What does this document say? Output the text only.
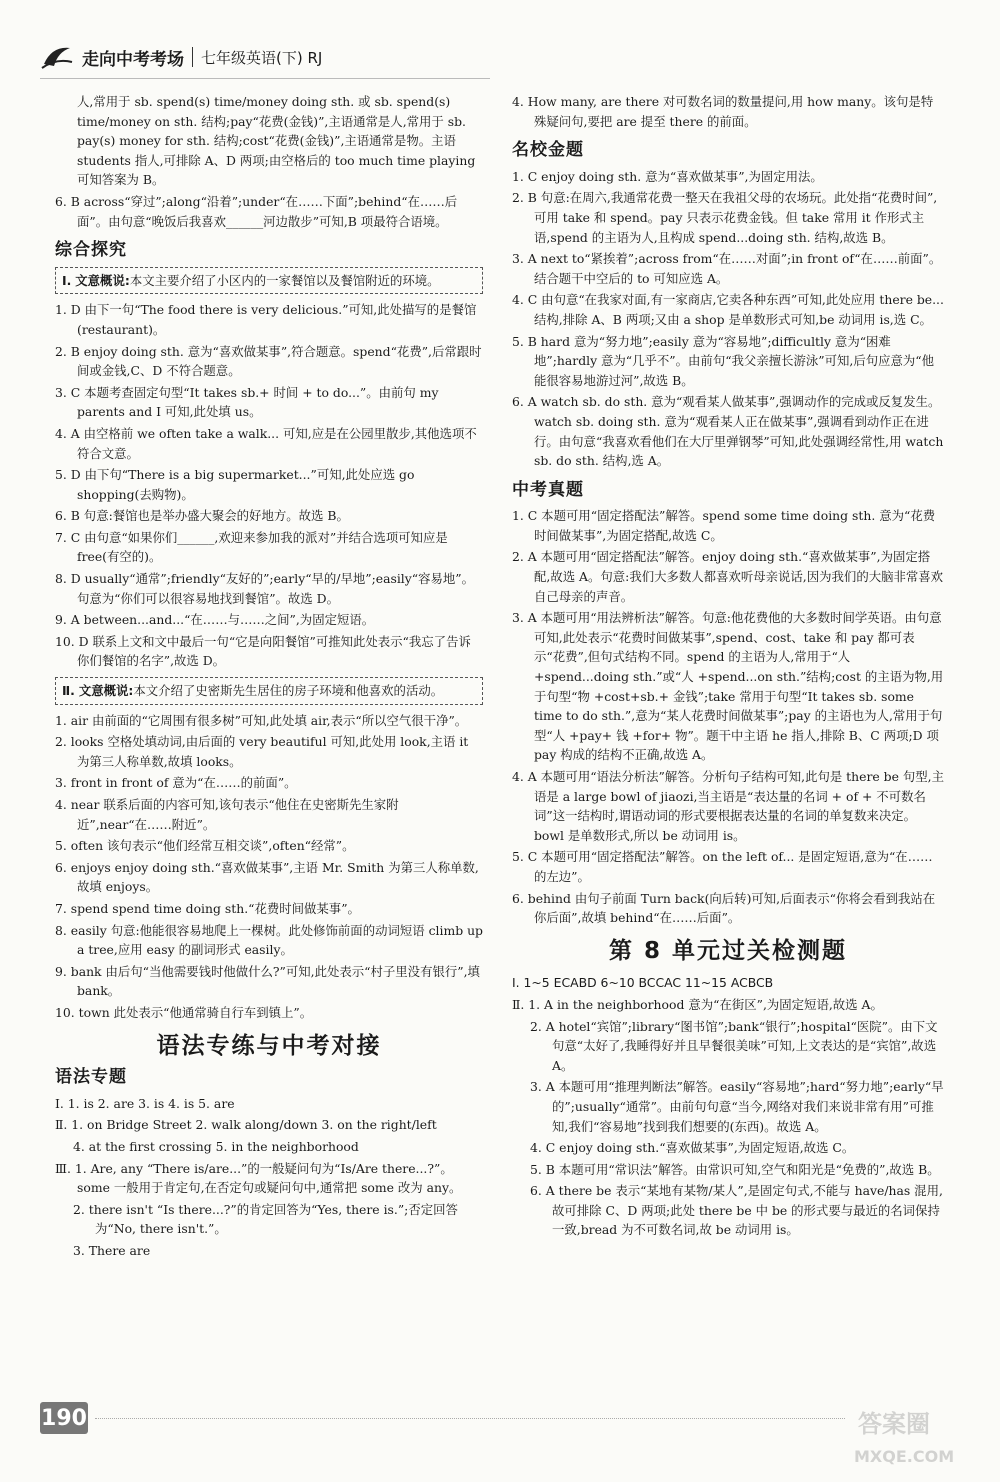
走向中考考场 七年级英语(下) RJ
人,常用于 sb. spend(s) time/money doing sth. 或 sb. spend(s) time/money on sth. 结构;pay“花费(金钱)”,主语通常是人,常用于 sb. pay(s) money for sth. 结构;cost“花费(金钱)”,主语通常是物。主语 students 指人,可排除 A、D 两项;由空格后的 too much time playing 可知答案为 B。
6. B across“穿过”;along“沿着”;under“在……下面”;behind“在……后面”。由句意“晚饭后我喜欢______河边散步”可知,B 项最符合语境。
综合探究
Ⅰ. 文意概说:本文主要介绍了小区内的一家餐馆以及餐馆附近的环境。
1. D 由下一句“The food there is very delicious.”可知,此处描写的是餐馆(restaurant)。
2. B enjoy doing sth. 意为“喜欢做某事”,符合题意。spend“花费”,后常跟时间或金钱,C、D 不符合题意。
3. C 本题考查固定句型“It takes sb.+ 时间 + to do...”。由前句 my parents and I 可知,此处填 us。
4. A 由空格前 we often take a walk... 可知,应是在公园里散步,其他选项不符合文意。
5. D 由下句“There is a big supermarket...”可知,此处应选 go shopping(去购物)。
6. B 句意:餐馆也是举办盛大聚会的好地方。故选 B。
7. C 由句意“如果你们______,欢迎来参加我的派对”并结合选项可知应是 free(有空的)。
8. D usually“通常”;friendly“友好的”;early“早的/早地”;easily“容易地”。句意为“你们可以很容易地找到餐馆”。故选 D。
9. A between...and...“在……与……之间”,为固定短语。
10. D 联系上文和文中最后一句“它是向阳餐馆”可推知此处表示“我忘了告诉你们餐馆的名字”,故选 D。
Ⅱ. 文意概说:本文介绍了史密斯先生居住的房子环境和他喜欢的活动。
1. air 由前面的“它周围有很多树”可知,此处填 air,表示“所以空气很干净”。
2. looks 空格处填动词,由后面的 very beautiful 可知,此处用 look,主语 it 为第三人称单数,故填 looks。
3. front in front of 意为“在……的前面”。
4. near 联系后面的内容可知,该句表示“他住在史密斯先生家附近”,near“在……附近”。
5. often 该句表示“他们经常互相交谈”,often“经常”。
6. enjoys enjoy doing sth.“喜欢做某事”,主语 Mr. Smith 为第三人称单数,故填 enjoys。
7. spend spend time doing sth.“花费时间做某事”。
8. easily 句意:他能很容易地爬上一棵树。此处修饰前面的动词短语 climb up a tree,应用 easy 的副词形式 easily。
9. bank 由后句“当他需要钱时他做什么?”可知,此处表示“村子里没有银行”,填 bank。
10. town 此处表示“他通常骑自行车到镇上”。
语法专练与中考对接
语法专题
Ⅰ. 1. is 2. are 3. is 4. is 5. are
Ⅱ. 1. on Bridge Street 2. walk along/down 3. on the right/left
4. at the first crossing 5. in the neighborhood
Ⅲ. 1. Are, any “There is/are...”的一般疑问句为“Is/Are there...?”。some 一般用于肯定句,在否定句或疑问句中,通常把 some 改为 any。
2. there isn't “Is there...?”的肯定回答为“Yes, there is.”;否定回答为“No, there isn't.”。
3. There are
4. How many, are there 对可数名词的数量提问,用 how many。该句是特殊疑问句,要把 are 提至 there 的前面。
名校金题
1. C enjoy doing sth. 意为“喜欢做某事”,为固定用法。
2. B 句意:在周六,我通常花费一整天在我祖父母的农场玩。此处指“花费时间”,可用 take 和 spend。pay 只表示花费金钱。但 take 常用 it 作形式主语,spend 的主语为人,且构成 spend...doing sth. 结构,故选 B。
3. A next to“紧挨着”;across from“在……对面”;in front of“在……前面”。结合题干中空后的 to 可知应选 A。
4. C 由句意“在我家对面,有一家商店,它卖各种东西”可知,此处应用 there be... 结构,排除 A、B 两项;又由 a shop 是单数形式可知,be 动词用 is,选 C。
5. B hard 意为“努力地”;easily 意为“容易地”;difficultly 意为“困难地”;hardly 意为“几乎不”。由前句“我父亲擅长游泳”可知,后句应意为“他能很容易地游过河”,故选 B。
6. A watch sb. do sth. 意为“观看某人做某事”,强调动作的完成或反复发生。watch sb. doing sth. 意为“观看某人正在做某事”,强调看到动作正在进行。由句意“我喜欢看他们在大厅里弹钢琴”可知,此处强调经常性,用 watch sb. do sth. 结构,选 A。
中考真题
1. C 本题可用“固定搭配法”解答。spend some time doing sth. 意为“花费时间做某事”,为固定搭配,故选 C。
2. A 本题可用“固定搭配法”解答。enjoy doing sth.“喜欢做某事”,为固定搭配,故选 A。句意:我们大多数人都喜欢听母亲说话,因为我们的大脑非常喜欢自己母亲的声音。
3. A 本题可用“用法辨析法”解答。句意:他花费他的大多数时间学英语。由句意可知,此处表示“花费时间做某事”,spend、cost、take 和 pay 都可表示“花费”,但句式结构不同。spend 的主语为人,常用于“人 +spend...doing sth.”或“人 +spend...on sth.”结构;cost 的主语为物,用于句型“物 +cost+sb.+ 金钱”;take 常用于句型“It takes sb. some time to do sth.”,意为“某人花费时间做某事”;pay 的主语也为人,常用于句型“人 +pay+ 钱 +for+ 物”。题干中主语 he 指人,排除 B、C 两项;D 项 pay 构成的结构不正确,故选 A。
4. A 本题可用“语法分析法”解答。分析句子结构可知,此句是 there be 句型,主语是 a large bowl of jiaozi,当主语是“表达量的名词 + of + 不可数名词”这一结构时,谓语动词的形式要根据表达量的名词的单复数来决定。bowl 是单数形式,所以 be 动词用 is。
5. C 本题可用“固定搭配法”解答。on the left of... 是固定短语,意为“在……的左边”。
6. behind 由句子前面 Turn back(向后转)可知,后面表示“你将会看到我站在你后面”,故填 behind“在……后面”。
第 8 单元过关检测题
Ⅰ. 1~5 ECABD 6~10 BCCAC 11~15 ACBCB
Ⅱ. 1. A in the neighborhood 意为“在街区”,为固定短语,故选 A。
2. A hotel“宾馆”;library“图书馆”;bank“银行”;hospital“医院”。由下文句意“太好了,我睡得好并且早餐很美味”可知,上文表达的是“宾馆”,故选 A。
3. A 本题可用“推理判断法”解答。easily“容易地”;hard“努力地”;early“早的”;usually“通常”。由前句句意“当今,网络对我们来说非常有用”可推知,我们“容易地”找到我们想要的(东西)。故选 A。
4. C enjoy doing sth.“喜欢做某事”,为固定短语,故选 C。
5. B 本题可用“常识法”解答。由常识可知,空气和阳光是“免费的”,故选 B。
6. A there be 表示“某地有某物/某人”,是固定句式,不能与 have/has 混用,故可排除 C、D 两项;此处 there be 中 be 的形式要与最近的名词保持一致,bread 为不可数名词,故 be 动词用 is。
190	答案圈
MXQE.COM
